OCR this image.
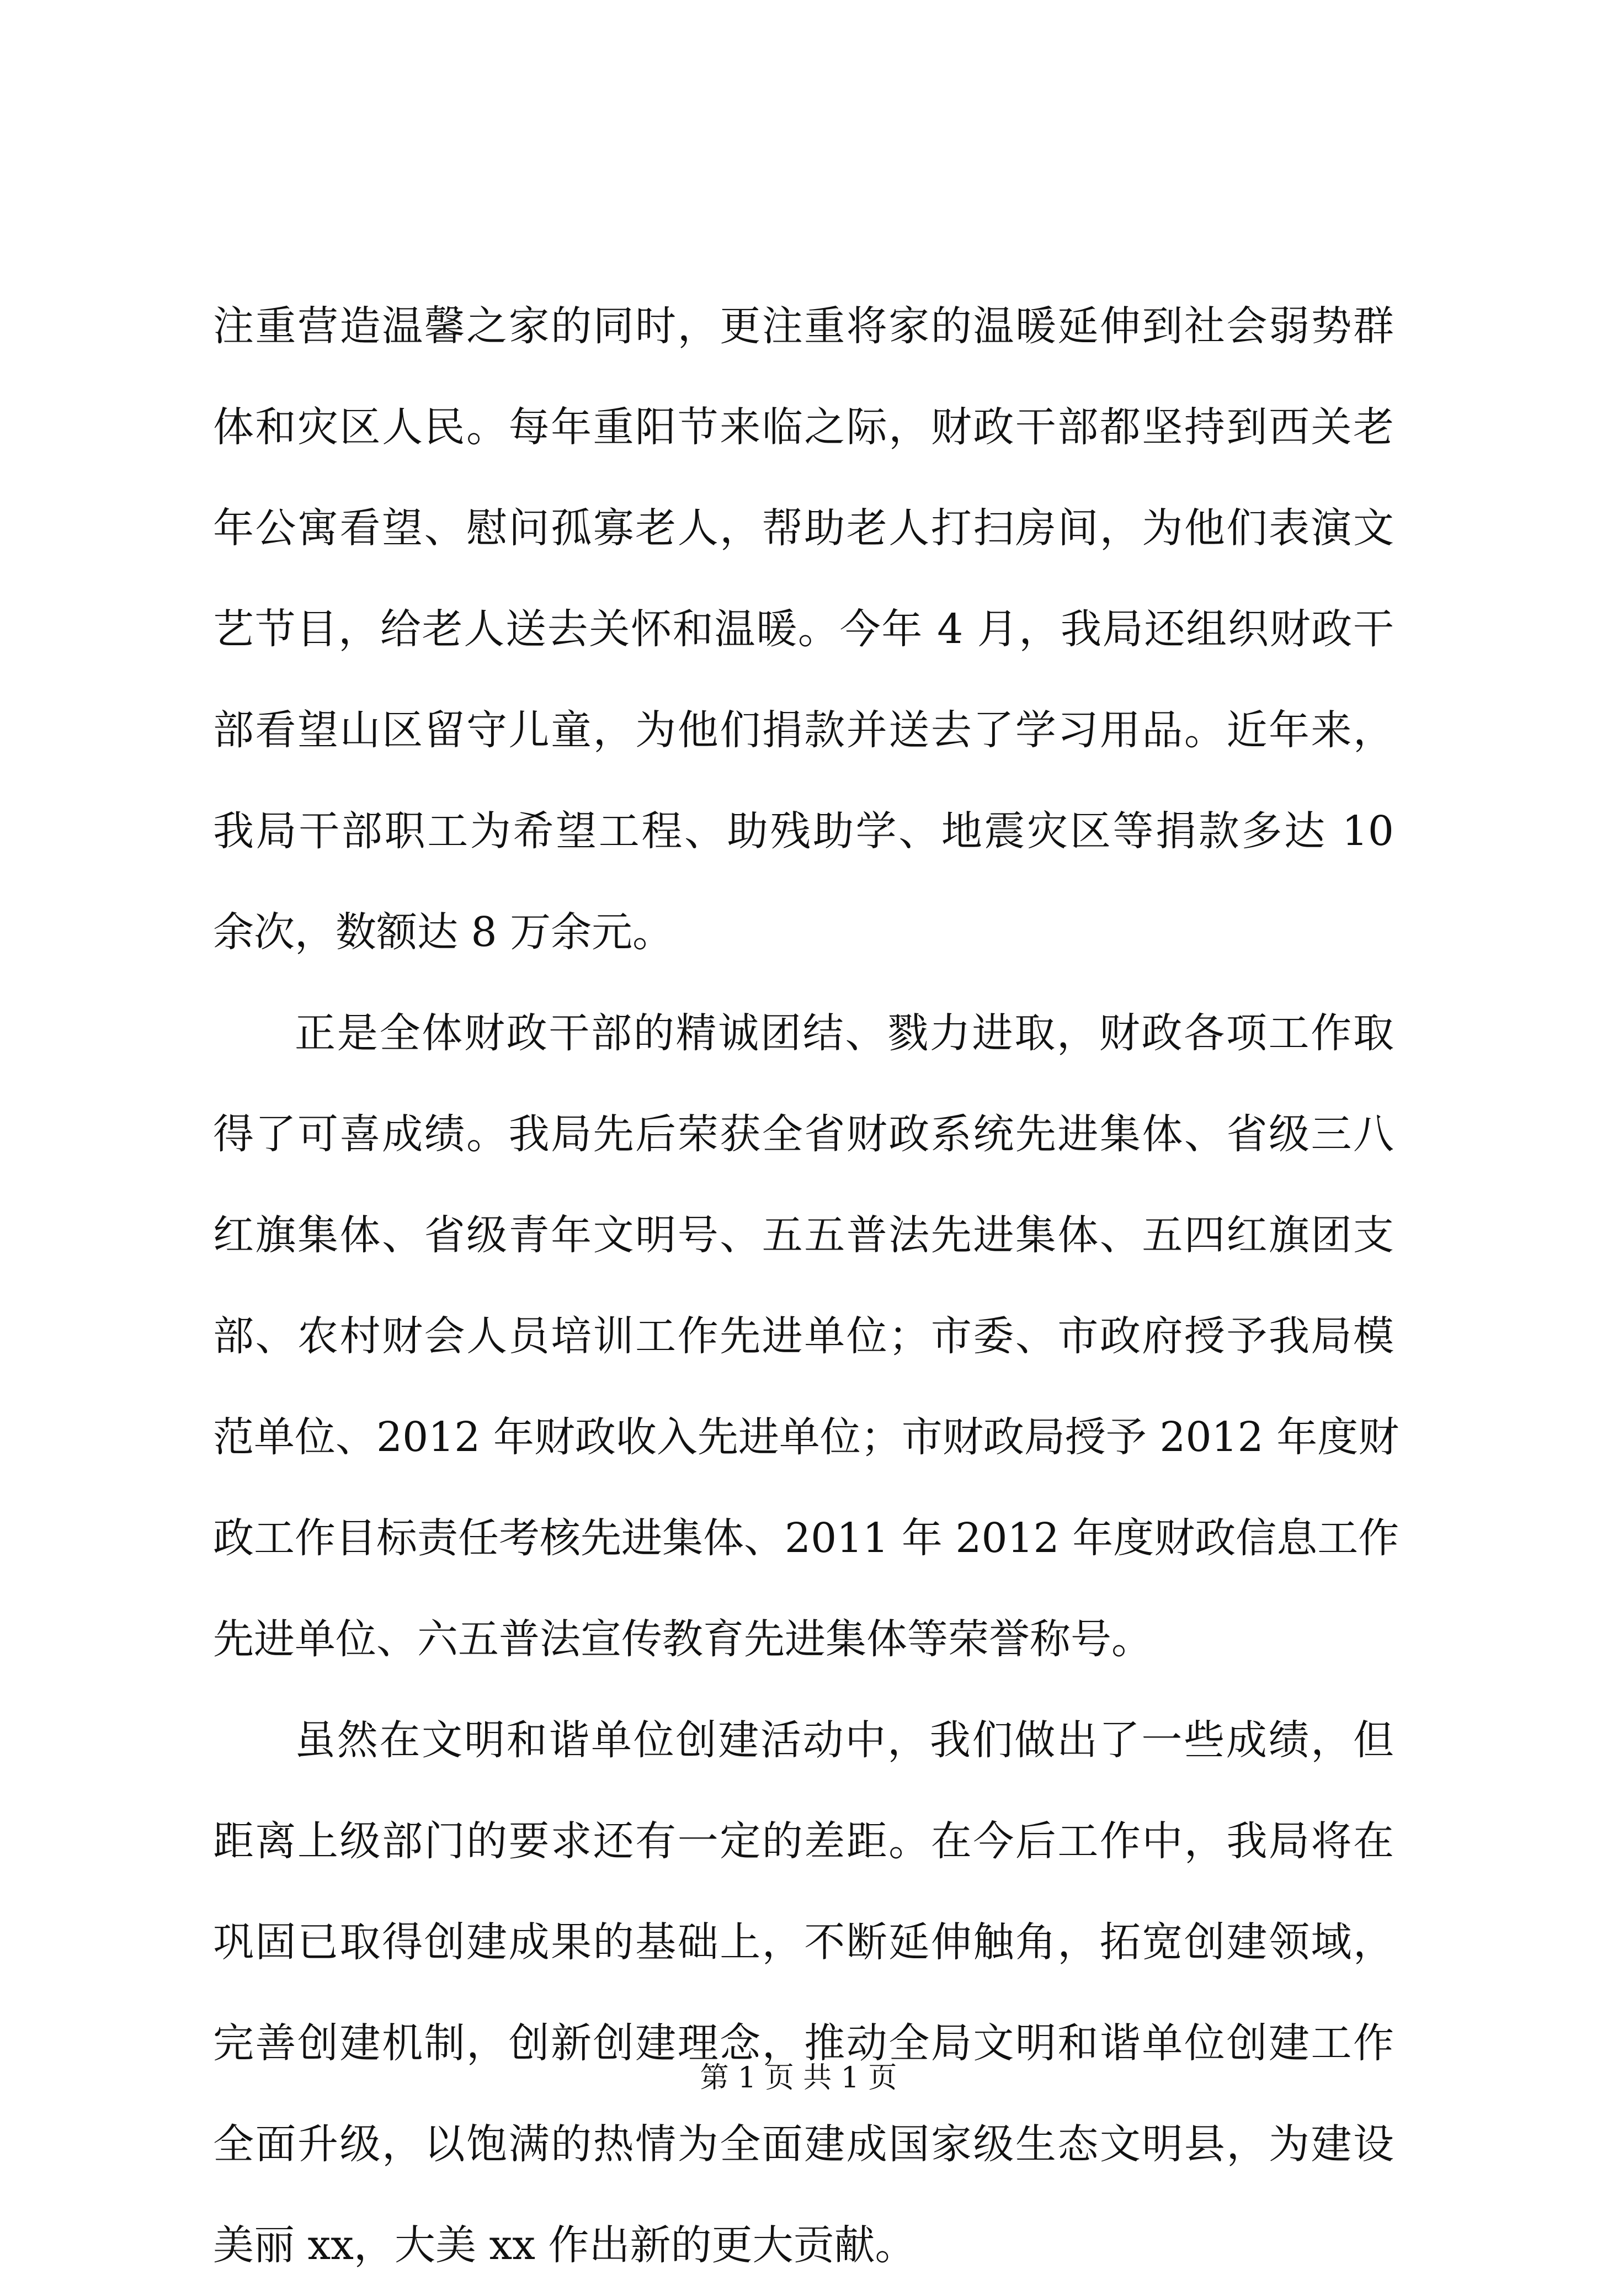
注重营造温馨之家的同时，更注重将家的温暖延伸到社会弱势群
体和灾区人民。每年重阳节来临之际，财政干部都坚持到西关老
年公寓看望、慰问孤寡老人，帮助老人打扫房间，为他们表演文
艺节目，给老人送去关怀和温暖。今年 4 月，我局还组织财政干
部看望山区留守儿童，为他们捐款并送去了学习用品。近年来，
我局干部职工为希望工程、助残助学、地震灾区等捐款多达 10
余次，数额达 8 万余元。
正是全体财政干部的精诚团结、戮力进取，财政各项工作取
得了可喜成绩。我局先后荣获全省财政系统先进集体、省级三八
红旗集体、省级青年文明号、五五普法先进集体、五四红旗团支
部、农村财会人员培训工作先进单位；市委、市政府授予我局模
范单位、2012 年财政收入先进单位；市财政局授予 2012 年度财
政工作目标责任考核先进集体、2011 年 2012 年度财政信息工作
先进单位、六五普法宣传教育先进集体等荣誉称号。
虽然在文明和谐单位创建活动中，我们做出了一些成绩，但
距离上级部门的要求还有一定的差距。在今后工作中，我局将在
巩固已取得创建成果的基础上，不断延伸触角，拓宽创建领域，
完善创建机制，创新创建理念，推动全局文明和谐单位创建工作
全面升级，以饱满的热情为全面建成国家级生态文明县，为建设
美丽 xx，大美 xx 作出新的更大贡献。
第 1 页 共 1 页
